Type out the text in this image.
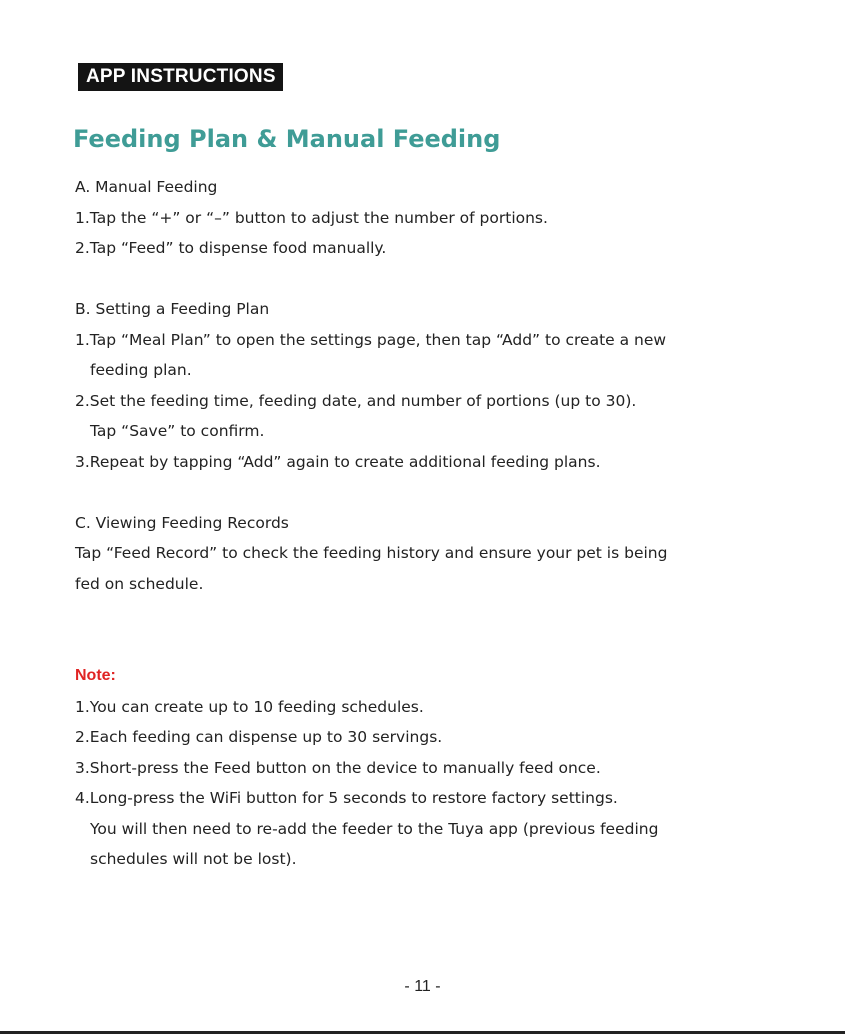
APP INSTRUCTIONS
Feeding Plan & Manual Feeding
A. Manual Feeding
1.Tap the “+” or “–” button to adjust the number of portions.
2.Tap “Feed” to dispense food manually.
B. Setting a Feeding Plan
1.Tap “Meal Plan” to open the settings page, then tap “Add” to create a new
feeding plan.
2.Set the feeding time, feeding date, and number of portions (up to 30).
Tap “Save” to confirm.
3.Repeat by tapping “Add” again to create additional feeding plans.
C. Viewing Feeding Records
Tap “Feed Record” to check the feeding history and ensure your pet is being
fed on schedule.
Note:
1.You can create up to 10 feeding schedules.
2.Each feeding can dispense up to 30 servings.
3.Short-press the Feed button on the device to manually feed once.
4.Long-press the WiFi button for 5 seconds to restore factory settings.
You will then need to re-add the feeder to the Tuya app (previous feeding
schedules will not be lost).
- 11 -
